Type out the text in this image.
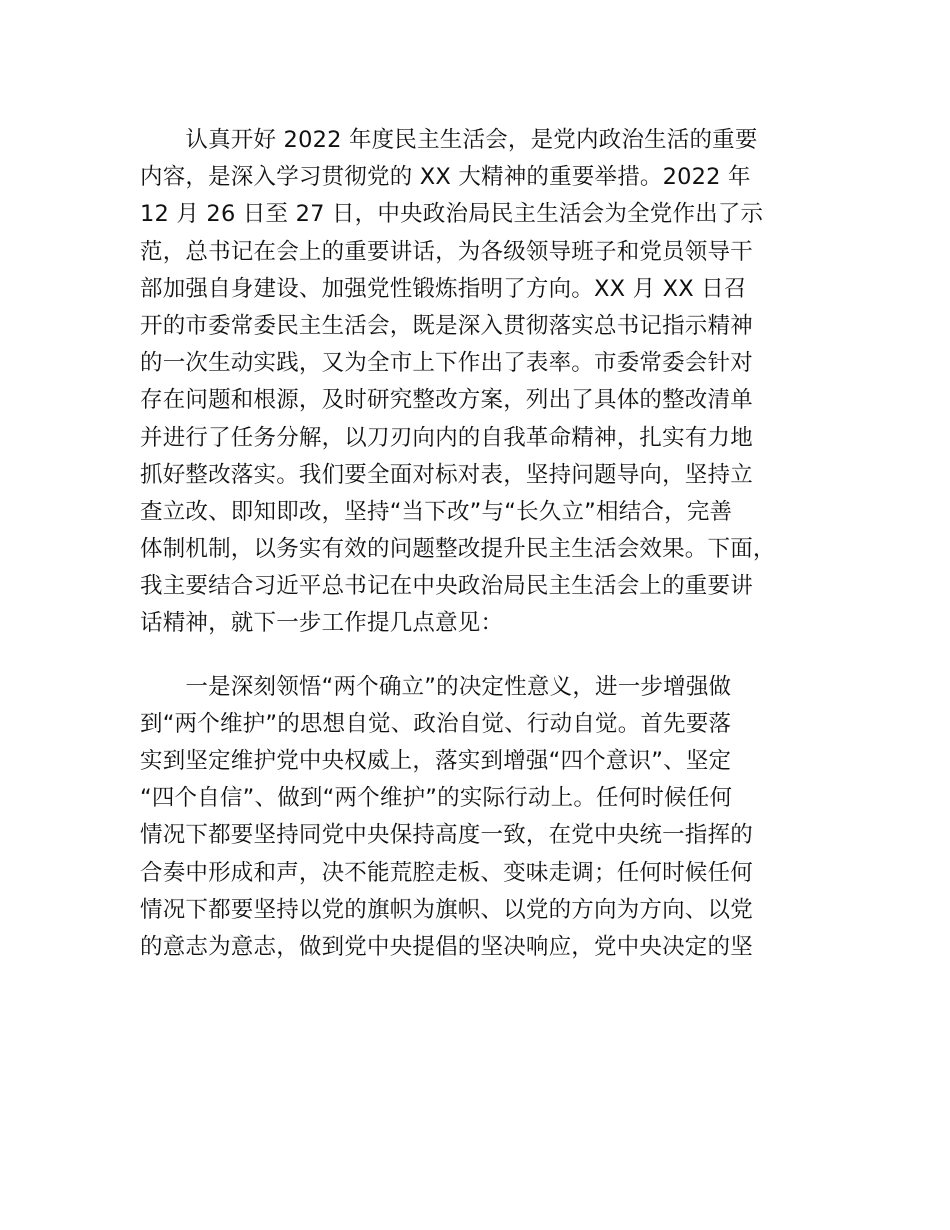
　　认真开好 2022 年度民主生活会，是党内政治生活的重要
内容，是深入学习贯彻党的 XX 大精神的重要举措。2022 年
12 月 26 日至 27 日，中央政治局民主生活会为全党作出了示
范，总书记在会上的重要讲话，为各级领导班子和党员领导干
部加强自身建设、加强党性锻炼指明了方向。XX 月 XX 日召
开的市委常委民主生活会，既是深入贯彻落实总书记指示精神
的一次生动实践，又为全市上下作出了表率。市委常委会针对
存在问题和根源，及时研究整改方案，列出了具体的整改清单
并进行了任务分解，以刀刃向内的自我革命精神，扎实有力地
抓好整改落实。我们要全面对标对表，坚持问题导向，坚持立
查立改、即知即改，坚持“当下改”与“长久立”相结合，完善
体制机制，以务实有效的问题整改提升民主生活会效果。下面，
我主要结合习近平总书记在中央政治局民主生活会上的重要讲
话精神，就下一步工作提几点意见：
　　一是深刻领悟“两个确立”的决定性意义，进一步增强做
到“两个维护”的思想自觉、政治自觉、行动自觉。首先要落
实到坚定维护党中央权威上，落实到增强“四个意识”、坚定
“四个自信”、做到“两个维护”的实际行动上。任何时候任何
情况下都要坚持同党中央保持高度一致，在党中央统一指挥的
合奏中形成和声，决不能荒腔走板、变味走调；任何时候任何
情况下都要坚持以党的旗帜为旗帜、以党的方向为方向、以党
的意志为意志，做到党中央提倡的坚决响应，党中央决定的坚
